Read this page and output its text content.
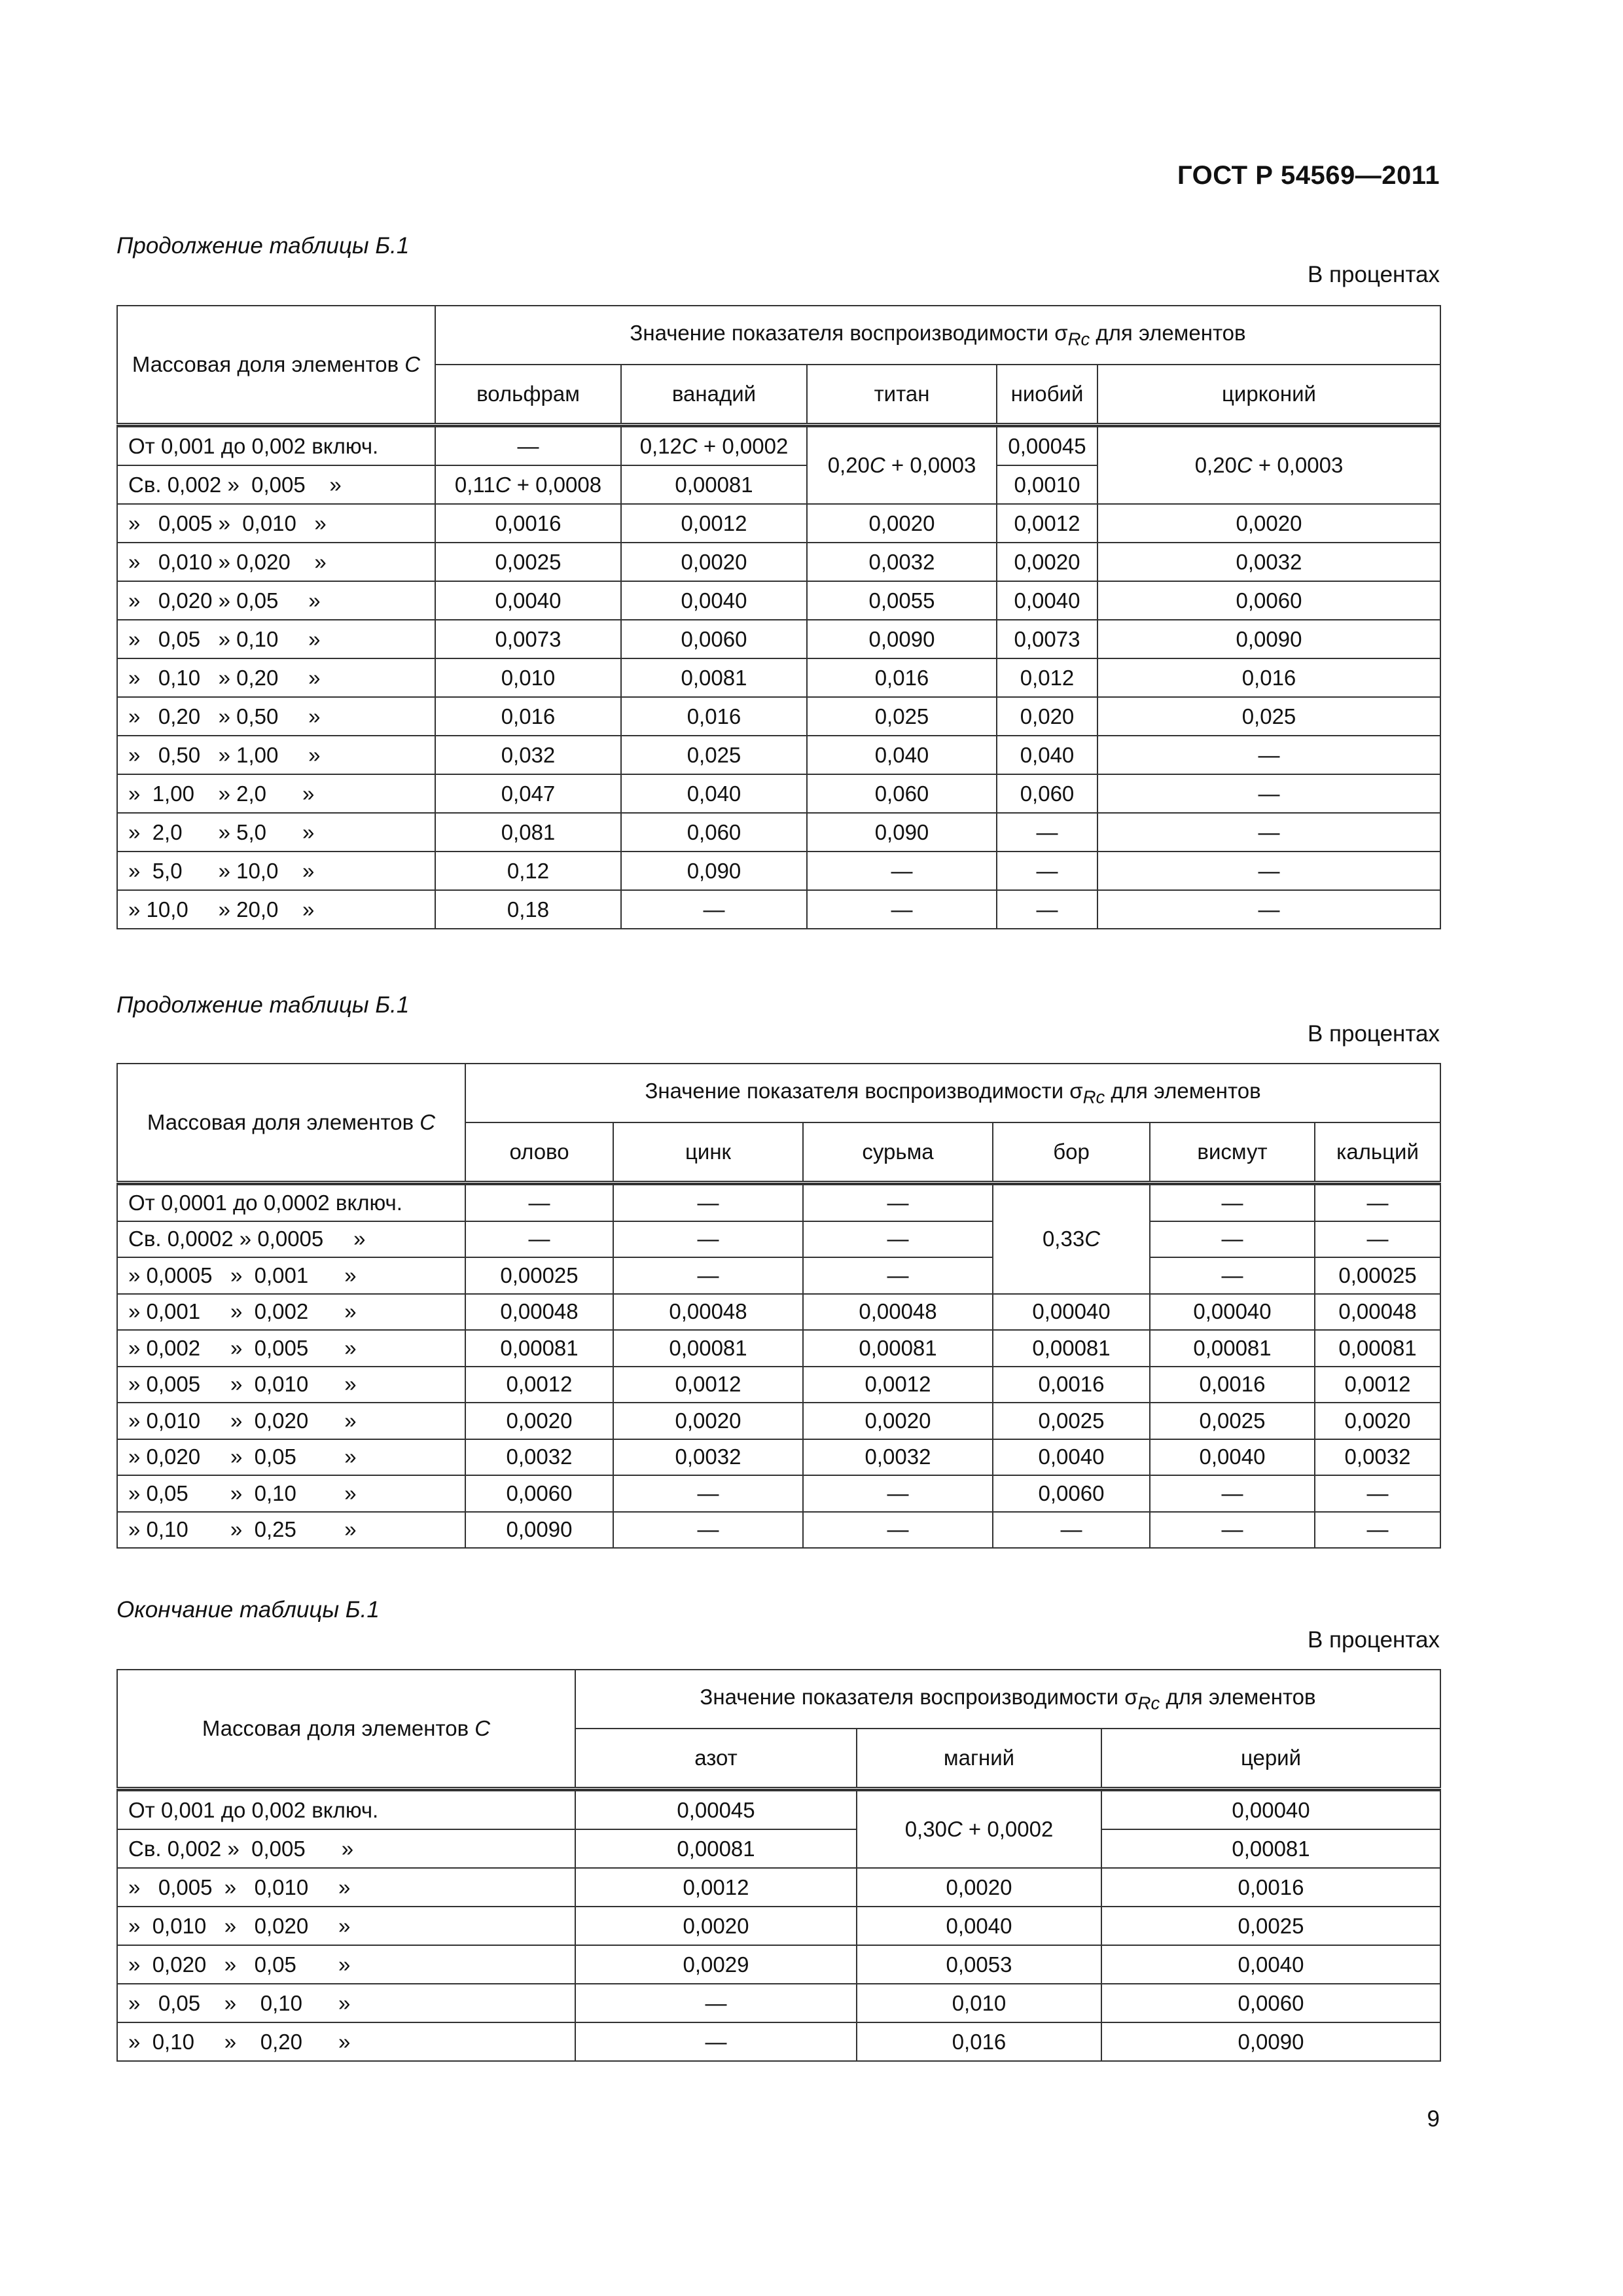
ГОСТ Р 54569—2011
Продолжение таблицы Б.1
В процентах
Массовая доля элементов C	Значение показателя воспроизводимости $\sigma_{Rc}$ для элементов					
	вольфрам	ванадий	титан	ниобий	цирконий	

От 0,001 до 0,002 включ.	—	0,12C + 0,0002	0,20C + 0,0003	0,00045	0,20C + 0,0003	
Св. 0,002 »  0,005    »	0,11C + 0,0008	0,00081		0,0010	
»   0,005 »  0,010   »	0,0016	0,0012	0,0020	0,0012	0,0020	
»   0,010 » 0,020    »	0,0025	0,0020	0,0032	0,0020	0,0032	
»   0,020 » 0,05     »	0,0040	0,0040	0,0055	0,0040	0,0060	
»   0,05   » 0,10     »	0,0073	0,0060	0,0090	0,0073	0,0090	
»   0,10   » 0,20     »	0,010	0,0081	0,016	0,012	0,016	
»   0,20   » 0,50     »	0,016	0,016	0,025	0,020	0,025	
»   0,50   » 1,00     »	0,032	0,025	0,040	0,040	—	
»  1,00    » 2,0      »	0,047	0,040	0,060	0,060	—	
»  2,0      » 5,0      »	0,081	0,060	0,090	—	—	
»  5,0      » 10,0    »	0,12	0,090	—	—	—	
» 10,0     » 20,0    »	0,18	—	—	—	—	
Продолжение таблицы Б.1
В процентах
Массовая доля элементов C	Значение показателя воспроизводимости $\sigma_{Rc}$ для элементов					
	олово	цинк	сурьма	бор	висмут	кальций

От 0,0001 до 0,0002 включ.	—	—	—	0,33C	—	—
Св. 0,0002 » 0,0005     »	—	—	—		—	—
» 0,0005   »  0,001      »	0,00025	—	—		—	0,00025
» 0,001     »  0,002      »	0,00048	0,00048	0,00048	0,00040	0,00040	0,00048
» 0,002     »  0,005      »	0,00081	0,00081	0,00081	0,00081	0,00081	0,00081
» 0,005     »  0,010      »	0,0012	0,0012	0,0012	0,0016	0,0016	0,0012
» 0,010     »  0,020      »	0,0020	0,0020	0,0020	0,0025	0,0025	0,0020
» 0,020     »  0,05        »	0,0032	0,0032	0,0032	0,0040	0,0040	0,0032
» 0,05       »  0,10        »	0,0060	—	—	0,0060	—	—
» 0,10       »  0,25        »	0,0090	—	—	—	—	—
Окончание таблицы Б.1
В процентах
Массовая доля элементов C	Значение показателя воспроизводимости $\sigma_{Rc}$ для элементов		
	азот	магний	церий

От 0,001 до 0,002 включ.	0,00045	0,30C + 0,0002	0,00040
Св. 0,002 »  0,005      »	0,00081		0,00081
»   0,005  »   0,010     »	0,0012	0,0020	0,0016
»  0,010   »   0,020     »	0,0020	0,0040	0,0025
»  0,020   »   0,05       »	0,0029	0,0053	0,0040
»   0,05    »    0,10      »	—	0,010	0,0060
»  0,10     »    0,20      »	—	0,016	0,0090
9
